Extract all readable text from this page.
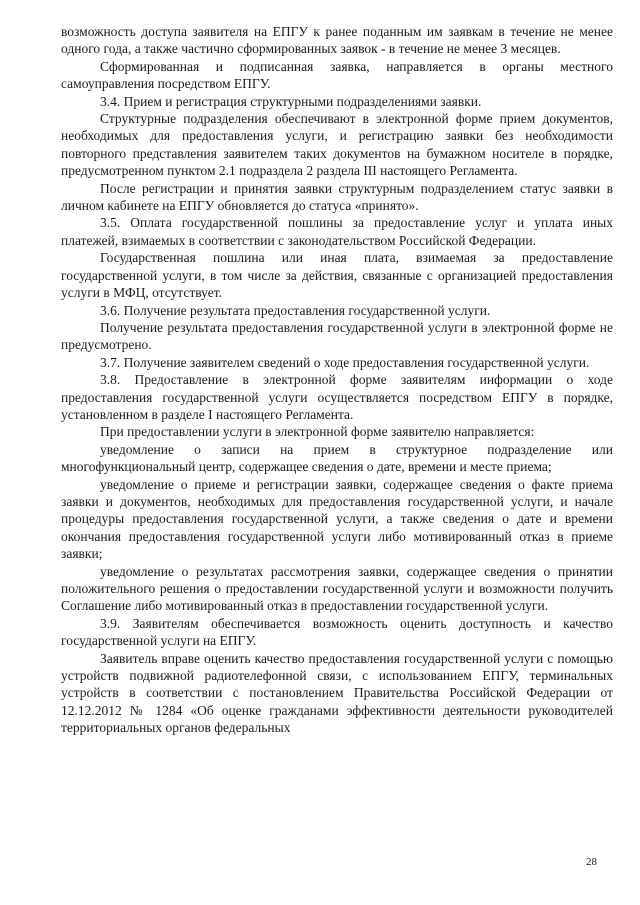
возможность доступа заявителя на ЕПГУ к ранее поданным им заявкам в течение не менее одного года, а также частично сформированных заявок - в течение не менее 3 месяцев.

Сформированная и подписанная заявка, направляется в органы местного самоуправления посредством ЕПГУ.

3.4. Прием и регистрация структурными подразделениями заявки.

Структурные подразделения обеспечивают в электронной форме прием документов, необходимых для предоставления услуги, и регистрацию заявки без необходимости повторного представления заявителем таких документов на бумажном носителе в порядке, предусмотренном пунктом 2.1 подраздела 2 раздела III настоящего Регламента.

После регистрации и принятия заявки структурным подразделением статус заявки в личном кабинете на ЕПГУ обновляется до статуса «принято».

3.5. Оплата государственной пошлины за предоставление услуг и уплата иных платежей, взимаемых в соответствии с законодательством Российской Федерации.

Государственная пошлина или иная плата, взимаемая за предоставление государственной услуги, в том числе за действия, связанные с организацией предоставления услуги в МФЦ, отсутствует.

3.6. Получение результата предоставления государственной услуги.

Получение результата предоставления государственной услуги в электронной форме не предусмотрено.

3.7. Получение заявителем сведений о ходе предоставления государственной услуги.

3.8. Предоставление в электронной форме заявителям информации о ходе предоставления государственной услуги осуществляется посредством ЕПГУ в порядке, установленном в разделе I настоящего Регламента.

При предоставлении услуги в электронной форме заявителю направляется:

уведомление о записи на прием в структурное подразделение или многофункциональный центр, содержащее сведения о дате, времени и месте приема;

уведомление о приеме и регистрации заявки, содержащее сведения о факте приема заявки и документов, необходимых для предоставления государственной услуги, и начале процедуры предоставления государственной услуги, а также сведения о дате и времени окончания предоставления государственной услуги либо мотивированный отказ в приеме заявки;

уведомление о результатах рассмотрения заявки, содержащее сведения о принятии положительного решения о предоставлении государственной услуги и возможности получить Соглашение либо мотивированный отказ в предоставлении государственной услуги.

3.9. Заявителям обеспечивается возможность оценить доступность и качество государственной услуги на ЕПГУ.

Заявитель вправе оценить качество предоставления государственной услуги с помощью устройств подвижной радиотелефонной связи, с использованием ЕПГУ, терминальных устройств в соответствии с постановлением Правительства Российской Федерации от 12.12.2012 № 1284 «Об оценке гражданами эффективности деятельности руководителей территориальных органов федеральных

28
